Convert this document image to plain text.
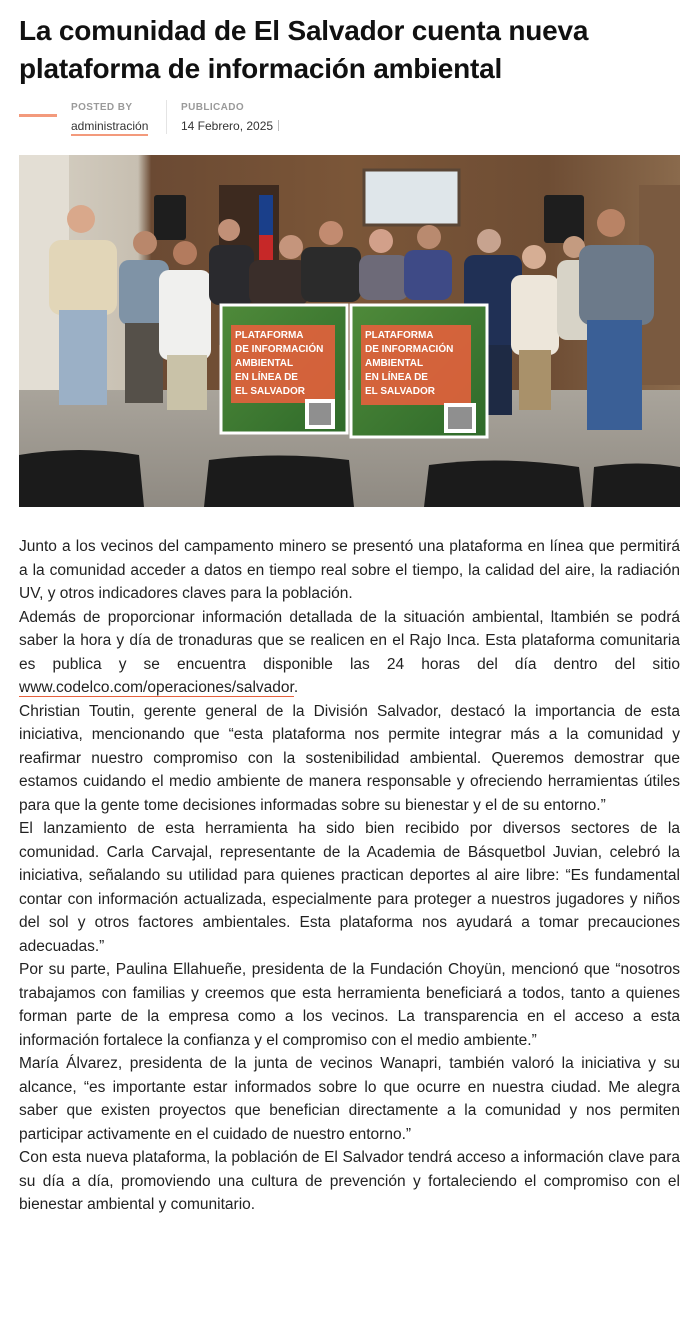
La comunidad de El Salvador cuenta nueva plataforma de información ambiental
POSTED BY
administración
PUBLICADO
14 Febrero, 2025
PLATAFORMA
DE INFORMACIÓN
AMBIENTAL
EN LÍNEA DE
EL SALVADOR
PLATAFORMA
DE INFORMACIÓN
AMBIENTAL
EN LÍNEA DE
EL SALVADOR

Junto a los vecinos del campamento minero se presentó una plataforma en línea que permitirá a la comunidad acceder a datos en tiempo real sobre el tiempo, la calidad del aire, la radiación UV, y otros indicadores claves para la población.

Además de proporcionar información detallada de la situación ambiental, ltambién se podrá saber la hora y día de tronaduras que se realicen en el Rajo Inca. Esta plataforma comunitaria es publica y se encuentra disponible las 24 horas del día dentro del sitio www.codelco.com/operaciones/salvador.

Christian Toutin, gerente general de la División Salvador, destacó la importancia de esta iniciativa, mencionando que “esta plataforma nos permite integrar más a la comunidad y reafirmar nuestro compromiso con la sostenibilidad ambiental. Queremos demostrar que estamos cuidando el medio ambiente de manera responsable y ofreciendo herramientas útiles para que la gente tome decisiones informadas sobre su bienestar y el de su entorno.”

El lanzamiento de esta herramienta ha sido bien recibido por diversos sectores de la comunidad. Carla Carvajal, representante de la Academia de Básquetbol Juvian, celebró la iniciativa, señalando su utilidad para quienes practican deportes al aire libre: “Es fundamental contar con información actualizada, especialmente para proteger a nuestros jugadores y niños del sol y otros factores ambientales. Esta plataforma nos ayudará a tomar precauciones adecuadas.”

Por su parte, Paulina Ellahueñe, presidenta de la Fundación Choyün, mencionó que “nosotros trabajamos con familias y creemos que esta herramienta beneficiará a todos, tanto a quienes forman parte de la empresa como a los vecinos. La transparencia en el acceso a esta información fortalece la confianza y el compromiso con el medio ambiente.”

María Álvarez, presidenta de la junta de vecinos Wanapri, también valoró la iniciativa y su alcance, “es importante estar informados sobre lo que ocurre en nuestra ciudad. Me alegra saber que existen proyectos que benefician directamente a la comunidad y nos permiten participar activamente en el cuidado de nuestro entorno.”

Con esta nueva plataforma, la población de El Salvador tendrá acceso a información clave para su día a día, promoviendo una cultura de prevención y fortaleciendo el compromiso con el bienestar ambiental y comunitario.
